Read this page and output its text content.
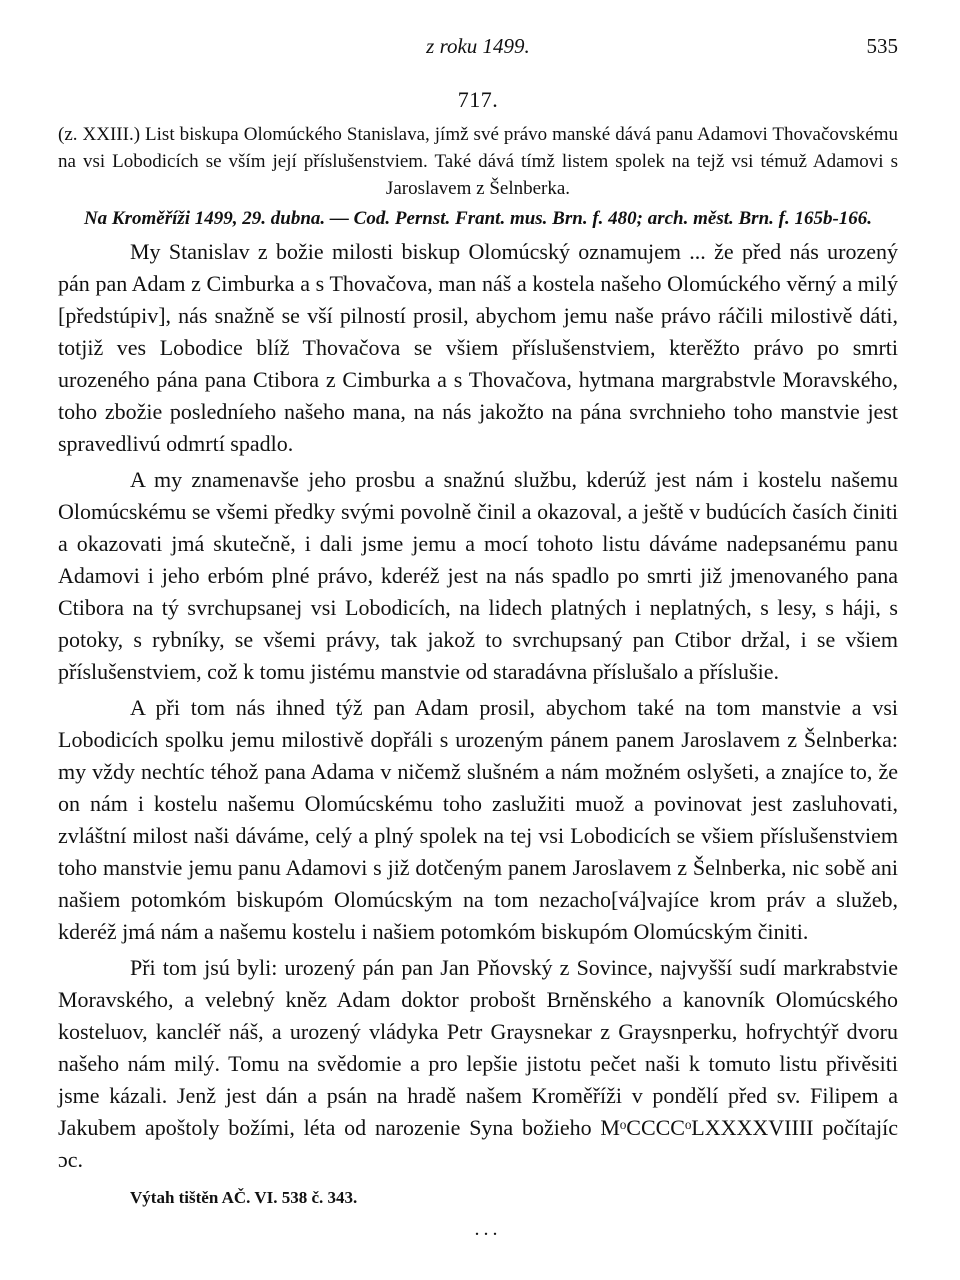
z roku 1499.	535
717.
(z. XXIII.) List biskupa Olomúckého Stanislava, jímž své právo manské dává panu Adamovi Thovačovskému na vsi Lobodicích se vším její příslušenstviem. Také dává tímž listem spolek na tejž vsi témuž Adamovi s Jaroslavem z Šelnberka.
Na Kroměříži 1499, 29. dubna. — Cod. Pernst. Frant. mus. Brn. f. 480; arch. měst. Brn. f. 165b-166.

My Stanislav z božie milosti biskup Olomúcský oznamujem ... že před nás urozený pán pan Adam z Cimburka a s Thovačova, man náš a kostela našeho Olomúckého věrný a milý [předstúpiv], nás snažně se vší pilností prosil, abychom jemu naše právo ráčili milostivě dáti, totjiž ves Lobodice blíž Thovačova se všiem příslušenstviem, kterěžto právo po smrti urozeného pána pana Ctibora z Cimburka a s Thovačova, hytmana margrabstvle Moravského, toho zbožie posledníeho našeho mana, na nás jakožto na pána svrchnieho toho manstvie jest spravedlivú odmrtí spadlo.

A my znamenavše jeho prosbu a snažnú službu, kderúž jest nám i kostelu našemu Olomúcskému se všemi předky svými povolně činil a okazoval, a ještě v budúcích časích činiti a okazovati jmá skutečně, i dali jsme jemu a mocí tohoto listu dáváme nadepsanému panu Adamovi i jeho erbóm plné právo, kderéž jest na nás spadlo po smrti již jmenovaného pana Ctibora na tý svrchupsanej vsi Lobodicích, na lidech platných i neplatných, s lesy, s háji, s potoky, s rybníky, se všemi právy, tak jakož to svrchupsaný pan Ctibor držal, i se všiem příslušenstviem, což k tomu jistému manstvie od staradávna příslušalo a příslušie.

A při tom nás ihned týž pan Adam prosil, abychom také na tom manstvie a vsi Lobodicích spolku jemu milostivě dopřáli s urozeným pánem panem Jaroslavem z Šelnberka: my vždy nechtíc téhož pana Adama v ničemž slušném a nám možném oslyšeti, a znajíce to, že on nám i kostelu našemu Olomúcskému toho zaslužiti muož a povinovat jest zasluhovati, zvláštní milost naši dáváme, celý a plný spolek na tej vsi Lobodicích se všiem příslušenstviem toho manstvie jemu panu Adamovi s již dotčeným panem Jaroslavem z Šelnberka, nic sobě ani našiem potomkóm biskupóm Olomúcským na tom nezacho[vá]vajíce krom práv a služeb, kderéž jmá nám a našemu kostelu i našiem potomkóm biskupóm Olomúcským činiti.

Při tom jsú byli: urozený pán pan Jan Pňovský z Sovince, najvyšší sudí markrabstvie Moravského, a velebný kněz Adam doktor probošt Brněnského a kanovník Olomúcského kosteluov, kancléř náš, a urozený vládyka Petr Graysnekar z Graysnperku, hofrychtýř dvoru našeho nám milý. Tomu na svědomie a pro lepšie jistotu pečet naši k tomuto listu přivěsiti jsme kázali. Jenž jest dán a psán na hradě našem Kroměříži v pondělí před sv. Filipem a Jakubem apoštoly božími, léta od narozenie Syna božieho MᵒCCCCᵒLXXXXVIIII počítajíc ɔc.

Výtah tištěn AČ. VI. 538 č. 343.
...
